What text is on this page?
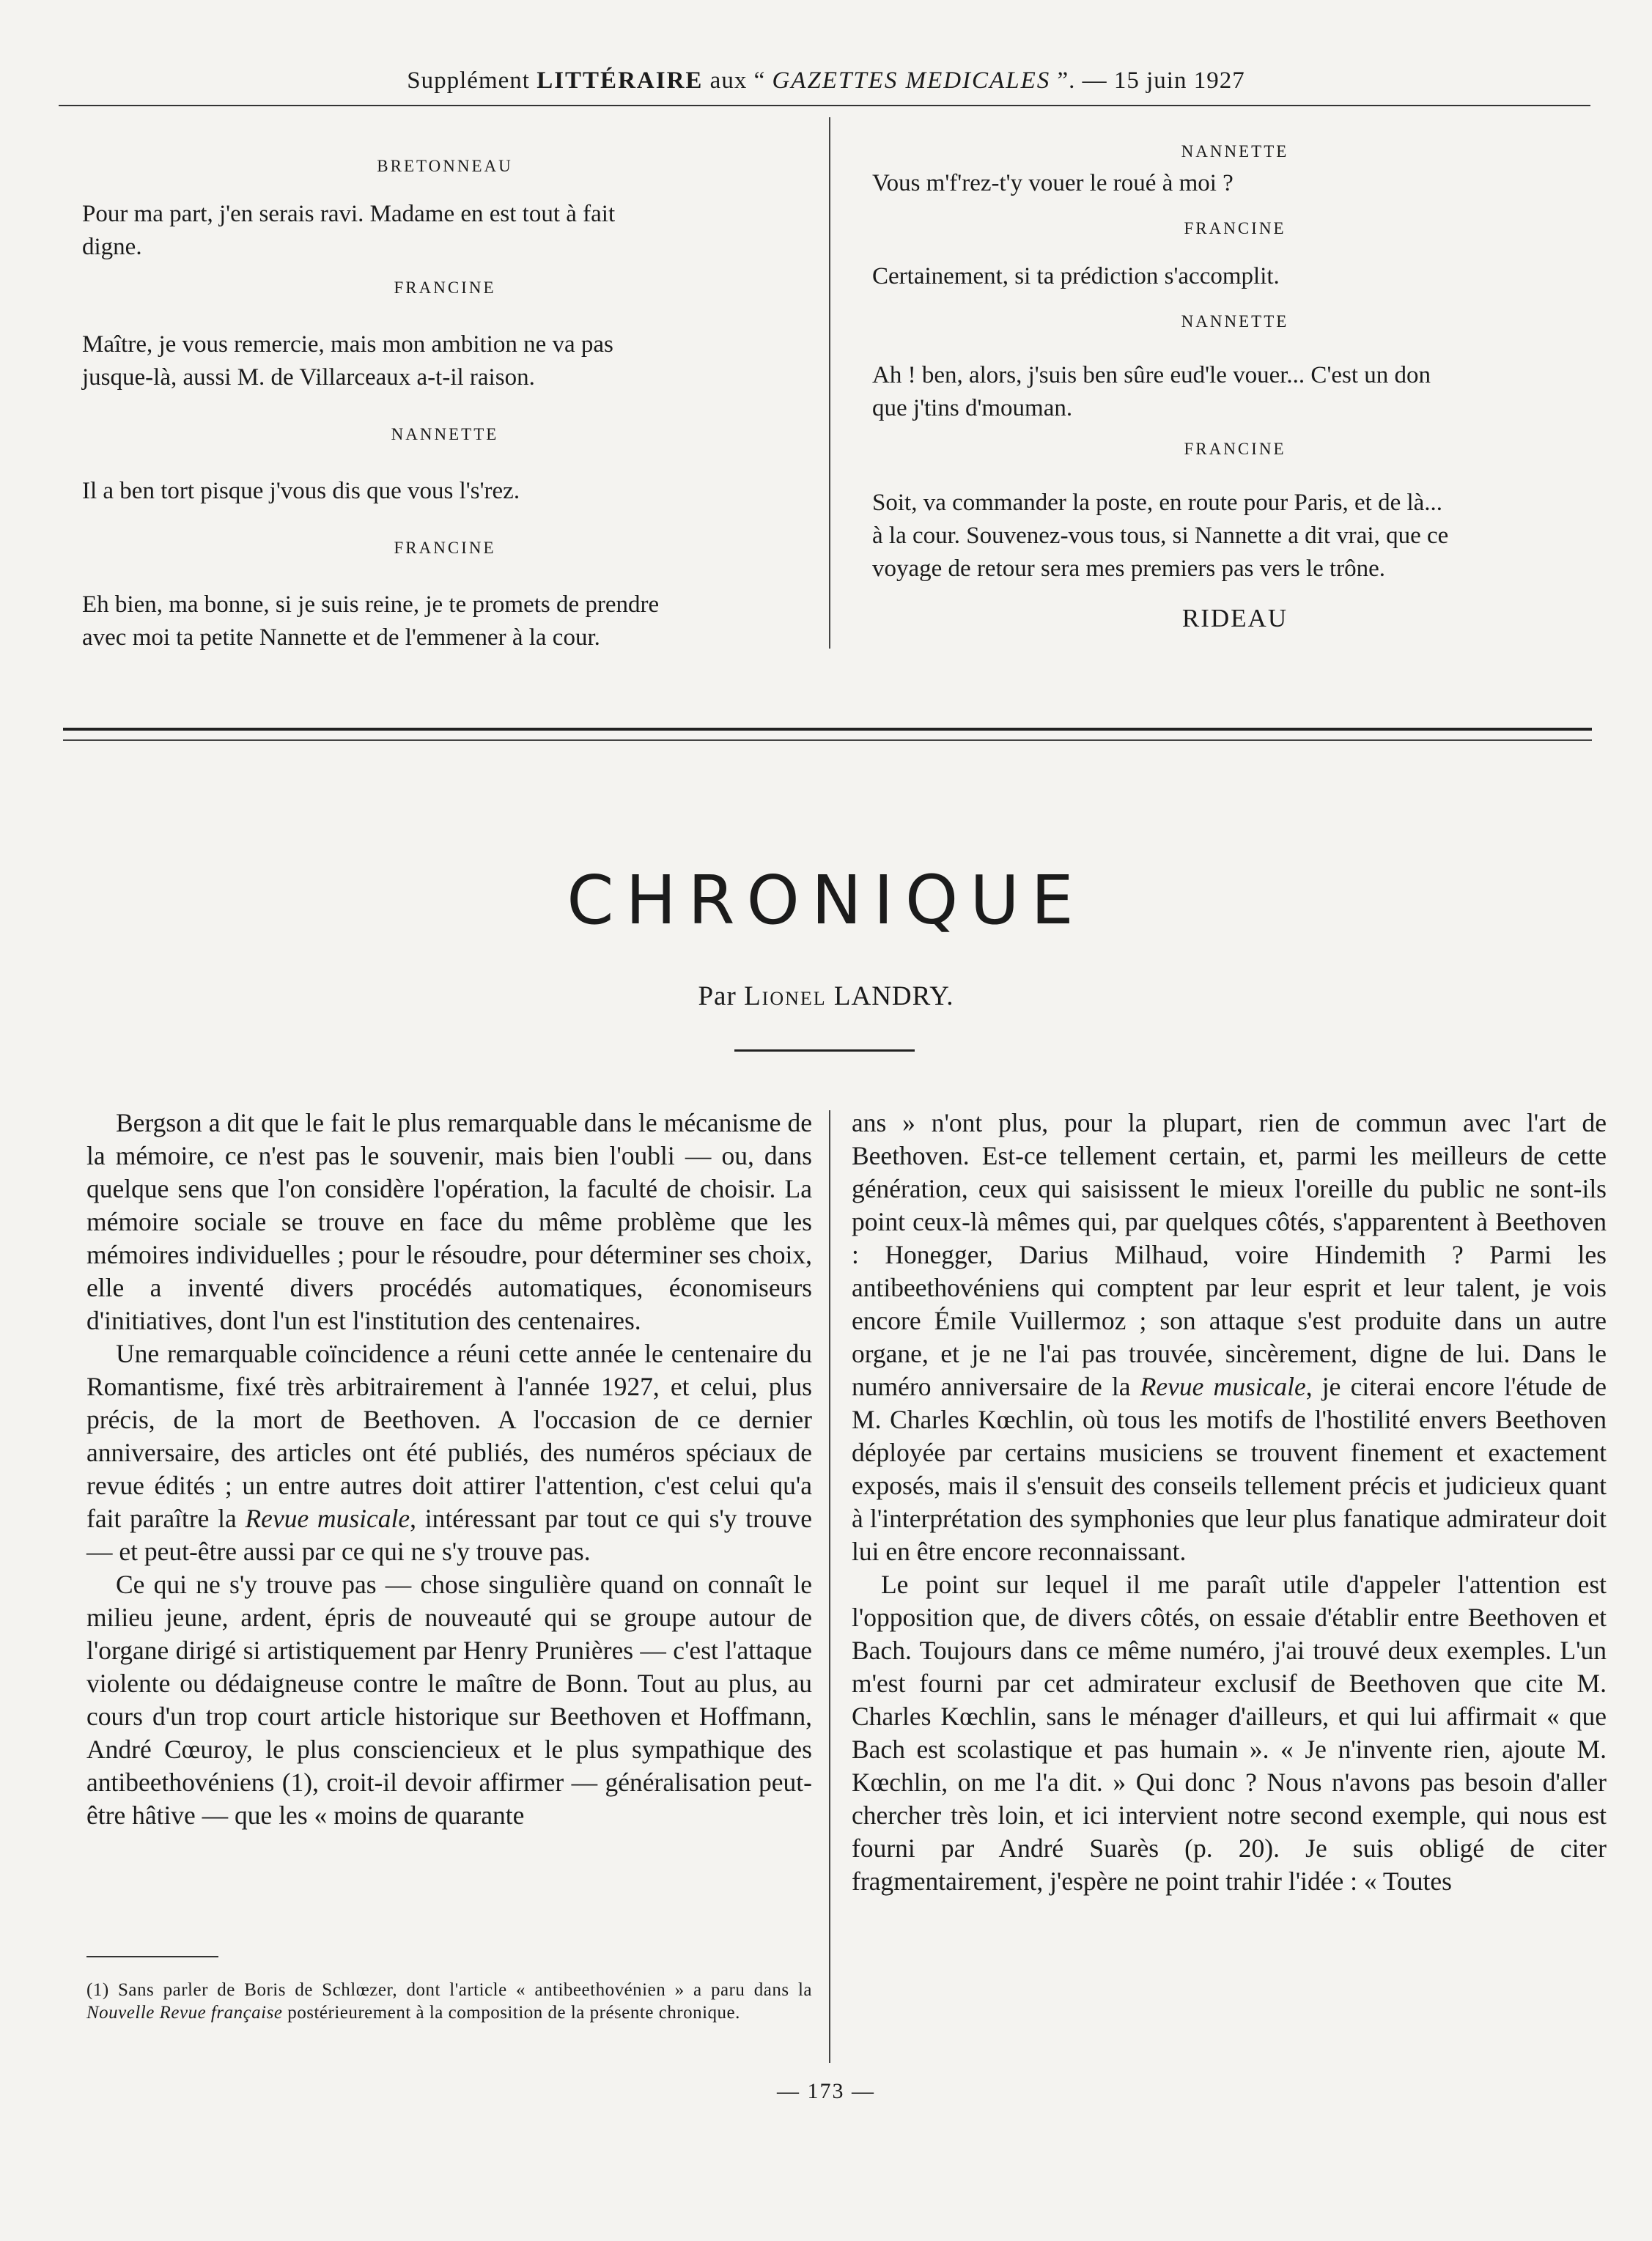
Supplément LITTÉRAIRE aux “ GAZETTES MEDICALES ”. — 15 juin 1927

BRETONNEAU

Pour ma part, j'en serais ravi. Madame en est tout à fait

digne.

FRANCINE

Maître, je vous remercie, mais mon ambition ne va pas

jusque-là, aussi M. de Villarceaux a-t-il raison.

NANNETTE

Il a ben tort pisque j'vous dis que vous l's'rez.

FRANCINE

Eh bien, ma bonne, si je suis reine, je te promets de prendre

avec moi ta petite Nannette et de l'emmener à la cour.

NANNETTE

Vous m'f'rez-t'y vouer le roué à moi ?

FRANCINE

Certainement, si ta prédiction s'accomplit.

NANNETTE

Ah ! ben, alors, j'suis ben sûre eud'le vouer... C'est un don

que j'tins d'mouman.

FRANCINE

Soit, va commander la poste, en route pour Paris, et de là...

à la cour. Souvenez-vous tous, si Nannette a dit vrai, que ce

voyage de retour sera mes premiers pas vers le trône.

RIDEAU

CHRONIQUE
Par Lionel LANDRY.

Bergson a dit que le fait le plus remarquable dans le mécanisme de la mémoire, ce n'est pas le souvenir, mais bien l'oubli — ou, dans quelque sens que l'on considère l'opération, la faculté de choisir. La mémoire sociale se trouve en face du même problème que les mémoires individuelles ; pour le résoudre, pour déterminer ses choix, elle a inventé divers procédés automatiques, économiseurs d'initiatives, dont l'un est l'institution des centenaires.

Une remarquable coïncidence a réuni cette année le centenaire du Romantisme, fixé très arbitrairement à l'année 1927, et celui, plus précis, de la mort de Beethoven. A l'occasion de ce dernier anniversaire, des articles ont été publiés, des numéros spéciaux de revue édités ; un entre autres doit attirer l'attention, c'est celui qu'a fait paraître la Revue musicale, intéressant par tout ce qui s'y trouve — et peut-être aussi par ce qui ne s'y trouve pas.

Ce qui ne s'y trouve pas — chose singulière quand on connaît le milieu jeune, ardent, épris de nouveauté qui se groupe autour de l'organe dirigé si artistiquement par Henry Prunières — c'est l'attaque violente ou dédaigneuse contre le maître de Bonn. Tout au plus, au cours d'un trop court article historique sur Beethoven et Hoffmann, André Cœuroy, le plus consciencieux et le plus sympathique des antibeethovéniens (1), croit-il devoir affirmer — généralisation peut-être hâtive — que les « moins de quarante

ans » n'ont plus, pour la plupart, rien de commun avec l'art de Beethoven. Est-ce tellement certain, et, parmi les meilleurs de cette génération, ceux qui saisissent le mieux l'oreille du public ne sont-ils point ceux-là mêmes qui, par quelques côtés, s'apparentent à Beethoven : Honegger, Darius Milhaud, voire Hindemith ? Parmi les antibeethovéniens qui comptent par leur esprit et leur talent, je vois encore Émile Vuillermoz ; son attaque s'est produite dans un autre organe, et je ne l'ai pas trouvée, sincèrement, digne de lui. Dans le numéro anniversaire de la Revue musicale, je citerai encore l'étude de M. Charles Kœchlin, où tous les motifs de l'hostilité envers Beethoven déployée par certains musiciens se trouvent finement et exactement exposés, mais il s'ensuit des conseils tellement précis et judicieux quant à l'interprétation des symphonies que leur plus fanatique admirateur doit lui en être encore reconnaissant.

Le point sur lequel il me paraît utile d'appeler l'attention est l'opposition que, de divers côtés, on essaie d'établir entre Beethoven et Bach. Toujours dans ce même numéro, j'ai trouvé deux exemples. L'un m'est fourni par cet admirateur exclusif de Beethoven que cite M. Charles Kœchlin, sans le ménager d'ailleurs, et qui lui affirmait « que Bach est scolastique et pas humain ». « Je n'invente rien, ajoute M. Kœchlin, on me l'a dit. » Qui donc ? Nous n'avons pas besoin d'aller chercher très loin, et ici intervient notre second exemple, qui nous est fourni par André Suarès (p. 20). Je suis obligé de citer fragmentairement, j'espère ne point trahir l'idée : « Toutes

(1) Sans parler de Boris de Schlœzer, dont l'article « antibeethovénien » a paru dans la Nouvelle Revue française postérieurement à la composition de la présente chronique.
— 173 —
